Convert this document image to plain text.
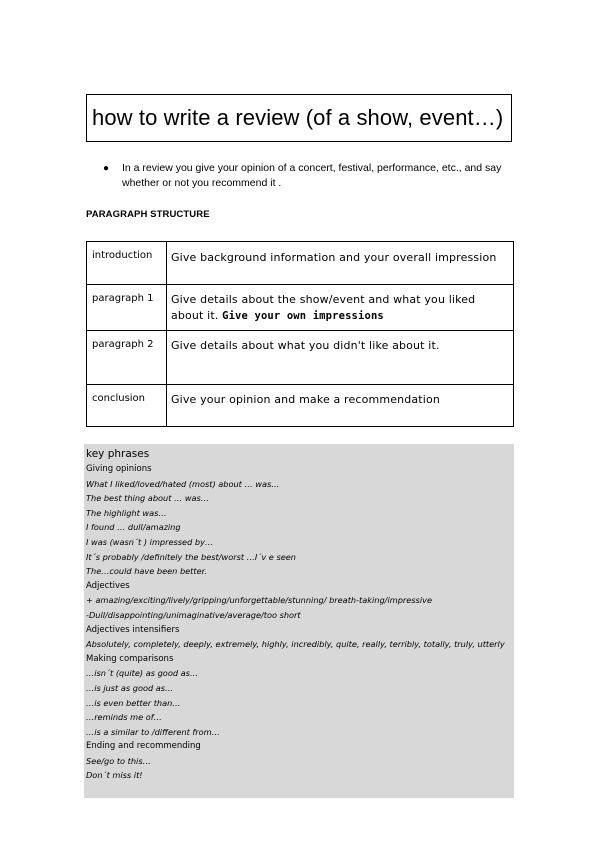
how to write a review (of a show, event…)
● In a review you give your opinion of a concert, festival, performance, etc., and say whether or not you recommend it .
PARAGRAPH STRUCTURE
introduction	Give background information and your overall impression
paragraph 1	Give details about the show/event and what you liked about it. Give your own impressions
paragraph 2	Give details about what you didn't like about it.
conclusion	Give your opinion and make a recommendation
key phrases
Giving opinions
What I liked/loved/hated (most) about … was…
The best thing about … was…
The highlight was…
I found … dull/amazing
I was (wasn´t ) impressed by…
It´s probably /definitely the best/worst …I´v e seen
The…could have been better.
Adjectives
+ amazing/exciting/lively/gripping/unforgettable/stunning/ breath-taking/impressive
-Dull/disappointing/unimaginative/average/too short
Adjectives intensifiers
Absolutely, completely, deeply, extremely, highly, incredibly, quite, really, terribly, totally, truly, utterly
Making comparisons
…isn´t (quite) as good as…
…is just as good as…
…is even better than…
…reminds me of…
…is a similar to /different from…
Ending and recommending
See/go to this…
Don´t miss it!
